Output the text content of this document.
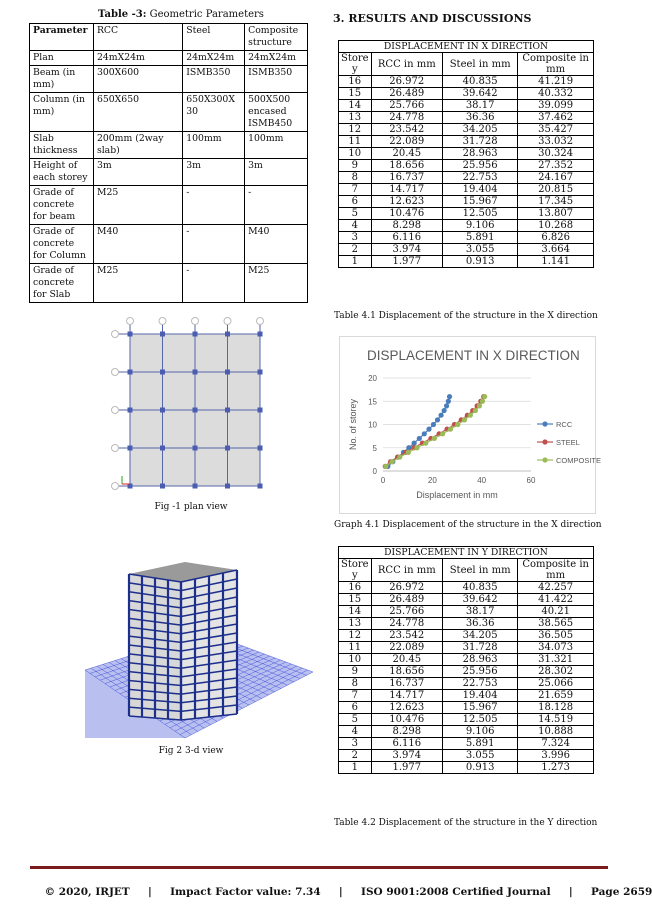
Table -3: Geometric Parameters
Parameter	RCC	Steel	Composite structure
Plan	24mX24m	24mX24m	24mX24m
Beam (in mm)	300X600	ISMB350	ISMB350
Column (in mm)	650X650	650X300X 30	500X500 encased ISMB450
Slab thickness	200mm (2way slab)	100mm	100mm
Height of each storey	3m	3m	3m
Grade of concrete for beam	M25	-	-
Grade of concrete for Column	M40	-	M40
Grade of concrete for Slab	M25	-	M25
Fig -1 plan view
Fig 2 3-d view
3. RESULTS AND DISCUSSIONS
DISPLACEMENT IN X DIRECTION			
Store y	RCC in mm	Steel in mm	Composite in mm
16	26.972	40.835	41.219
15	26.489	39.642	40.332
14	25.766	38.17	39.099
13	24.778	36.36	37.462
12	23.542	34.205	35.427
11	22.089	31.728	33.032
10	20.45	28.963	30.324
9	18.656	25.956	27.352
8	16.737	22.753	24.167
7	14.717	19.404	20.815
6	12.623	15.967	17.345
5	10.476	12.505	13.807
4	8.298	9.106	10.268
3	6.116	5.891	6.826
2	3.974	3.055	3.664
1	1.977	0.913	1.141
Table 4.1 Displacement of the structure in the X direction
DISPLACEMENT IN X DIRECTION
0
5
10
15
20
0	20	40	60
Displacement in mm
No. of storey	RCC
STEEL
COMPOSITE
Graph 4.1 Displacement of the structure in the X direction
DISPLACEMENT IN Y DIRECTION			
Store y	RCC in mm	Steel in mm	Composite in mm
16	26.972	40.835	42.257
15	26.489	39.642	41.422
14	25.766	38.17	40.21
13	24.778	36.36	38.565
12	23.542	34.205	36.505
11	22.089	31.728	34.073
10	20.45	28.963	31.321
9	18.656	25.956	28.302
8	16.737	22.753	25.066
7	14.717	19.404	21.659
6	12.623	15.967	18.128
5	10.476	12.505	14.519
4	8.298	9.106	10.888
3	6.116	5.891	7.324
2	3.974	3.055	3.996
1	1.977	0.913	1.273
Table 4.2 Displacement of the structure in the Y direction

© 2020, IRJET | Impact Factor value: 7.34 | ISO 9001:2008 Certified Journal | Page 2659
